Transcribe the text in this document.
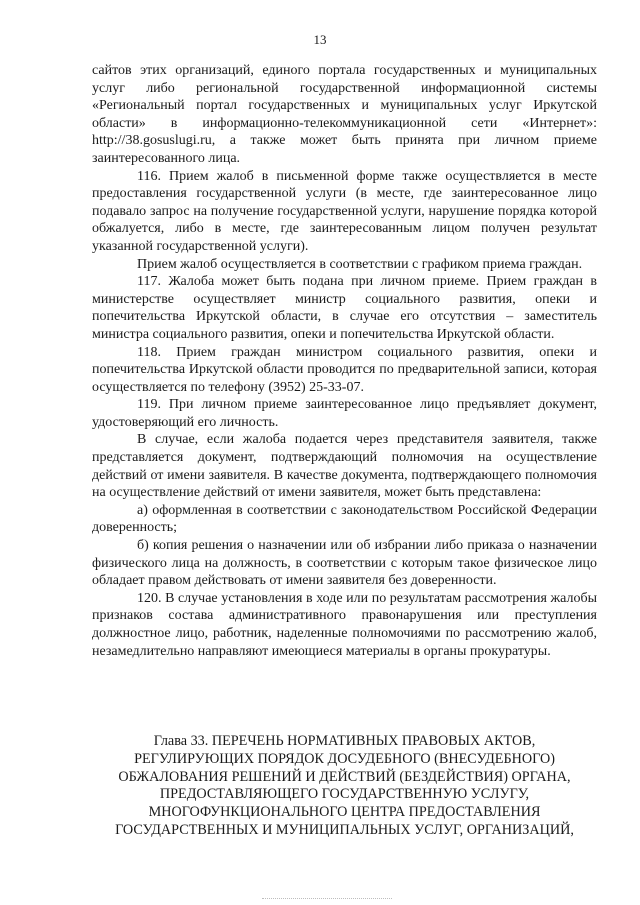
13

сайтов этих организаций, единого портала государственных и муниципальных услуг либо региональной государственной информационной системы «Региональный портал государственных и муниципальных услуг Иркутской области» в информационно-телекоммуникационной сети «Интернет»: http://38.gosuslugi.ru, а также может быть принята при личном приеме заинтересованного лица.

116. Прием жалоб в письменной форме также осуществляется в месте предоставления государственной услуги (в месте, где заинтересованное лицо подавало запрос на получение государственной услуги, нарушение порядка которой обжалуется, либо в месте, где заинтересованным лицом получен результат указанной государственной услуги).

Прием жалоб осуществляется в соответствии с графиком приема граждан.

117. Жалоба может быть подана при личном приеме. Прием граждан в министерстве осуществляет министр социального развития, опеки и попечительства Иркутской области, в случае его отсутствия – заместитель министра социального развития, опеки и попечительства Иркутской области.

118. Прием граждан министром социального развития, опеки и попечительства Иркутской области проводится по предварительной записи, которая осуществляется по телефону (3952) 25-33-07.

119. При личном приеме заинтересованное лицо предъявляет документ, удостоверяющий его личность.

В случае, если жалоба подается через представителя заявителя, также представляется документ, подтверждающий полномочия на осуществление действий от имени заявителя. В качестве документа, подтверждающего полномочия на осуществление действий от имени заявителя, может быть представлена:

а) оформленная в соответствии с законодательством Российской Федерации доверенность;

б) копия решения о назначении или об избрании либо приказа о назначении физического лица на должность, в соответствии с которым такое физическое лицо обладает правом действовать от имени заявителя без доверенности.

120. В случае установления в ходе или по результатам рассмотрения жалобы признаков состава административного правонарушения или преступления должностное лицо, работник, наделенные полномочиями по рассмотрению жалоб, незамедлительно направляют имеющиеся материалы в органы прокуратуры.

Глава 33. ПЕРЕЧЕНЬ НОРМАТИВНЫХ ПРАВОВЫХ АКТОВ,

РЕГУЛИРУЮЩИХ ПОРЯДОК ДОСУДЕБНОГО (ВНЕСУДЕБНОГО)

ОБЖАЛОВАНИЯ РЕШЕНИЙ И ДЕЙСТВИЙ (БЕЗДЕЙСТВИЯ) ОРГАНА,

ПРЕДОСТАВЛЯЮЩЕГО ГОСУДАРСТВЕННУЮ УСЛУГУ,

МНОГОФУНКЦИОНАЛЬНОГО ЦЕНТРА ПРЕДОСТАВЛЕНИЯ

ГОСУДАРСТВЕННЫХ И МУНИЦИПАЛЬНЫХ УСЛУГ, ОРГАНИЗАЦИЙ,
